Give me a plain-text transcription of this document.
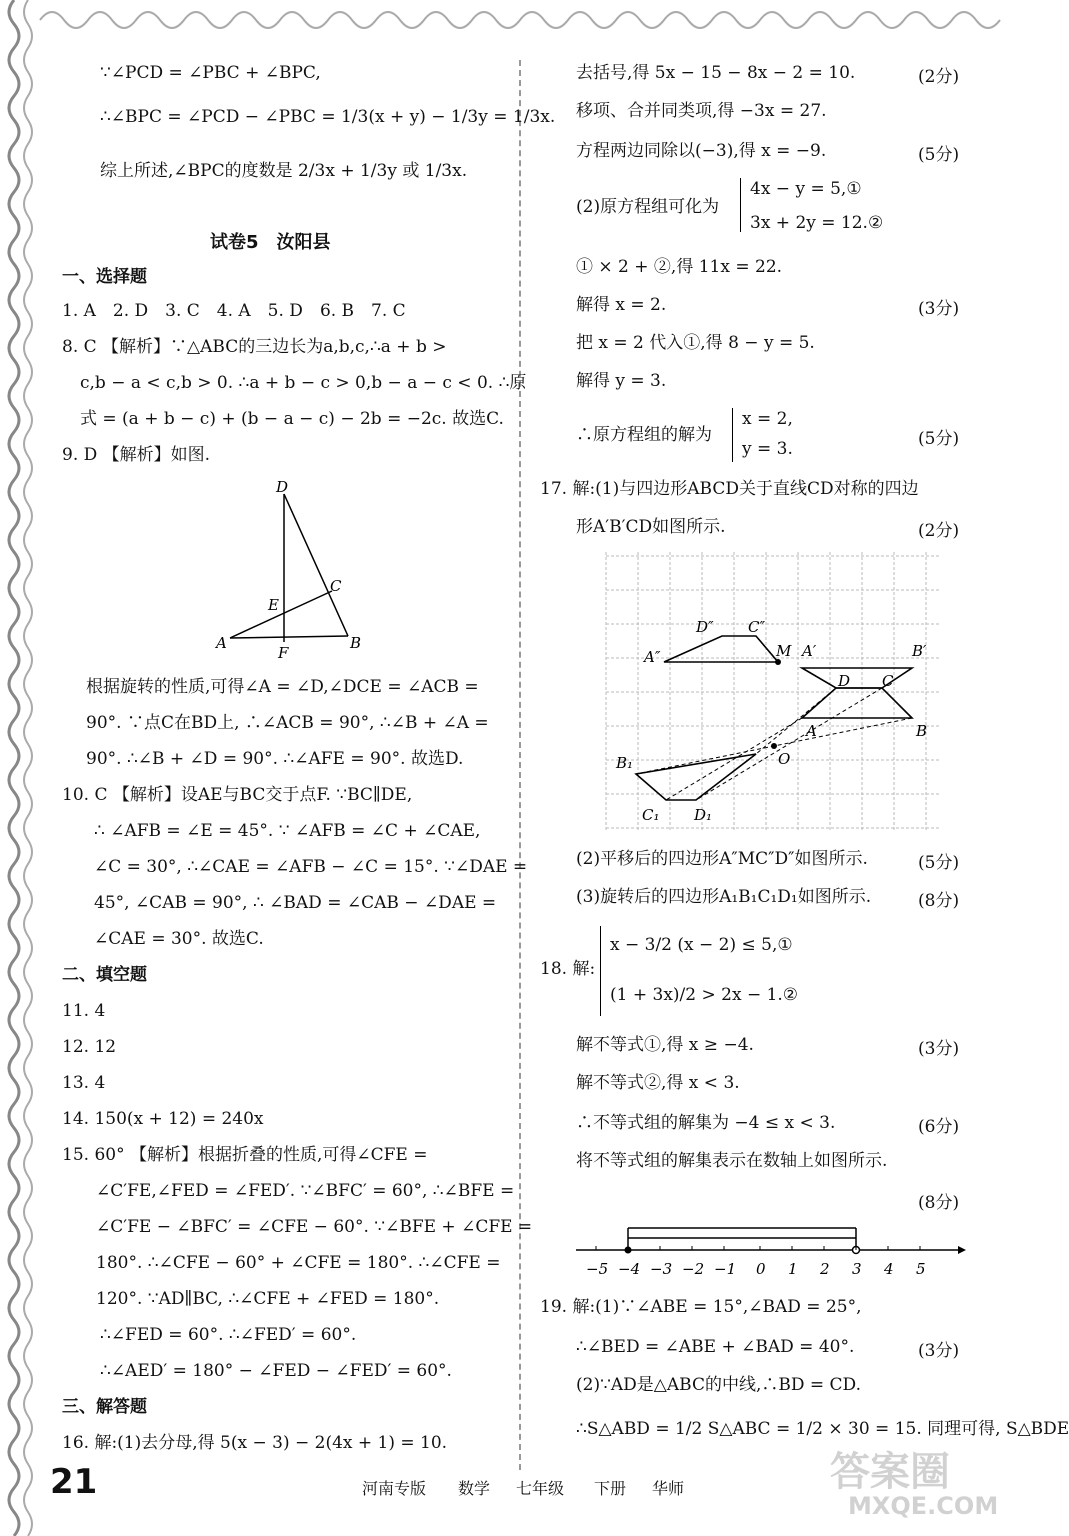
∵∠PCD = ∠PBC + ∠BPC,
∴∠BPC = ∠PCD − ∠PBC = 1/3(x + y) − 1/3y = 1/3x.
综上所述,∠BPC的度数是 2/3x + 1/3y 或 1/3x.
试卷5　汝阳县
一、选择题
1. A　2. D　3. C　4. A　5. D　6. B　7. C
8. C 【解析】∵△ABC的三边长为a,b,c,∴a + b >
c,b − a < c,b > 0. ∴a + b − c > 0,b − a − c < 0. ∴原
式 = (a + b − c) + (b − a − c) − 2b = −2c. 故选C.
9. D 【解析】如图.
D
C
E
A
F
B
根据旋转的性质,可得∠A = ∠D,∠DCE = ∠ACB =
90°. ∵点C在BD上, ∴∠ACB = 90°, ∴∠B + ∠A =
90°. ∴∠B + ∠D = 90°. ∴∠AFE = 90°. 故选D.
10. C 【解析】设AE与BC交于点F. ∵BC∥DE,
∴ ∠AFB = ∠E = 45°. ∵ ∠AFB = ∠C + ∠CAE,
∠C = 30°, ∴∠CAE = ∠AFB − ∠C = 15°. ∵∠DAE =
45°, ∠CAB = 90°, ∴ ∠BAD = ∠CAB − ∠DAE =
∠CAE = 30°. 故选C.
二、填空题
11. 4
12. 12
13. 4
14. 150(x + 12) = 240x
15. 60° 【解析】根据折叠的性质,可得∠CFE =
∠C′FE,∠FED = ∠FED′. ∵∠BFC′ = 60°, ∴∠BFE =
∠C′FE − ∠BFC′ = ∠CFE − 60°. ∵∠BFE + ∠CFE =
180°. ∴∠CFE − 60° + ∠CFE = 180°. ∴∠CFE =
120°. ∵AD∥BC, ∴∠CFE + ∠FED = 180°.
∴∠FED = 60°. ∴∠FED′ = 60°.
∴∠AED′ = 180° − ∠FED − ∠FED′ = 60°.
三、解答题
16. 解:(1)去分母,得 5(x − 3) − 2(4x + 1) = 10.
去括号,得 5x − 15 − 8x − 2 = 10.	(2分)
移项、合并同类项,得 −3x = 27.
方程两边同除以(−3),得 x = −9.	(5分)
(2)原方程组可化为
4x − y = 5,①
3x + 2y = 12.②
① × 2 + ②,得 11x = 22.
解得 x = 2.	(3分)
把 x = 2 代入①,得 8 − y = 5.
解得 y = 3.
∴原方程组的解为
x = 2,
y = 3.	(5分)
17. 解:(1)与四边形ABCD关于直线CD对称的四边
形A′B′CD如图所示.	(2分)
D″ C″
A″	M A′	B′
D C
B
A
B₁	O
C₁ D₁
(2)平移后的四边形A″MC″D″如图所示.	(5分)
(3)旋转后的四边形A₁B₁C₁D₁如图所示.	(8分)
18. 解:
x − 3/2 (x − 2) ≤ 5,①
(1 + 3x)/2 > 2x − 1.②
解不等式①,得 x ≥ −4.	(3分)
解不等式②,得 x < 3.
∴不等式组的解集为 −4 ≤ x < 3.	(6分)
将不等式组的解集表示在数轴上如图所示.
(8分)
−5 −4 −3 −2 −1 0 1 2 3 4 5
19. 解:(1)∵∠ABE = 15°,∠BAD = 25°,
∴∠BED = ∠ABE + ∠BAD = 40°.	(3分)
(2)∵AD是△ABC的中线,∴BD = CD.
∴S△ABD = 1/2 S△ABC = 1/2 × 30 = 15. 同理可得, S△BDE
21	河南专版 数学 七年级 下册 华师	答案圈
MXQE.COM
